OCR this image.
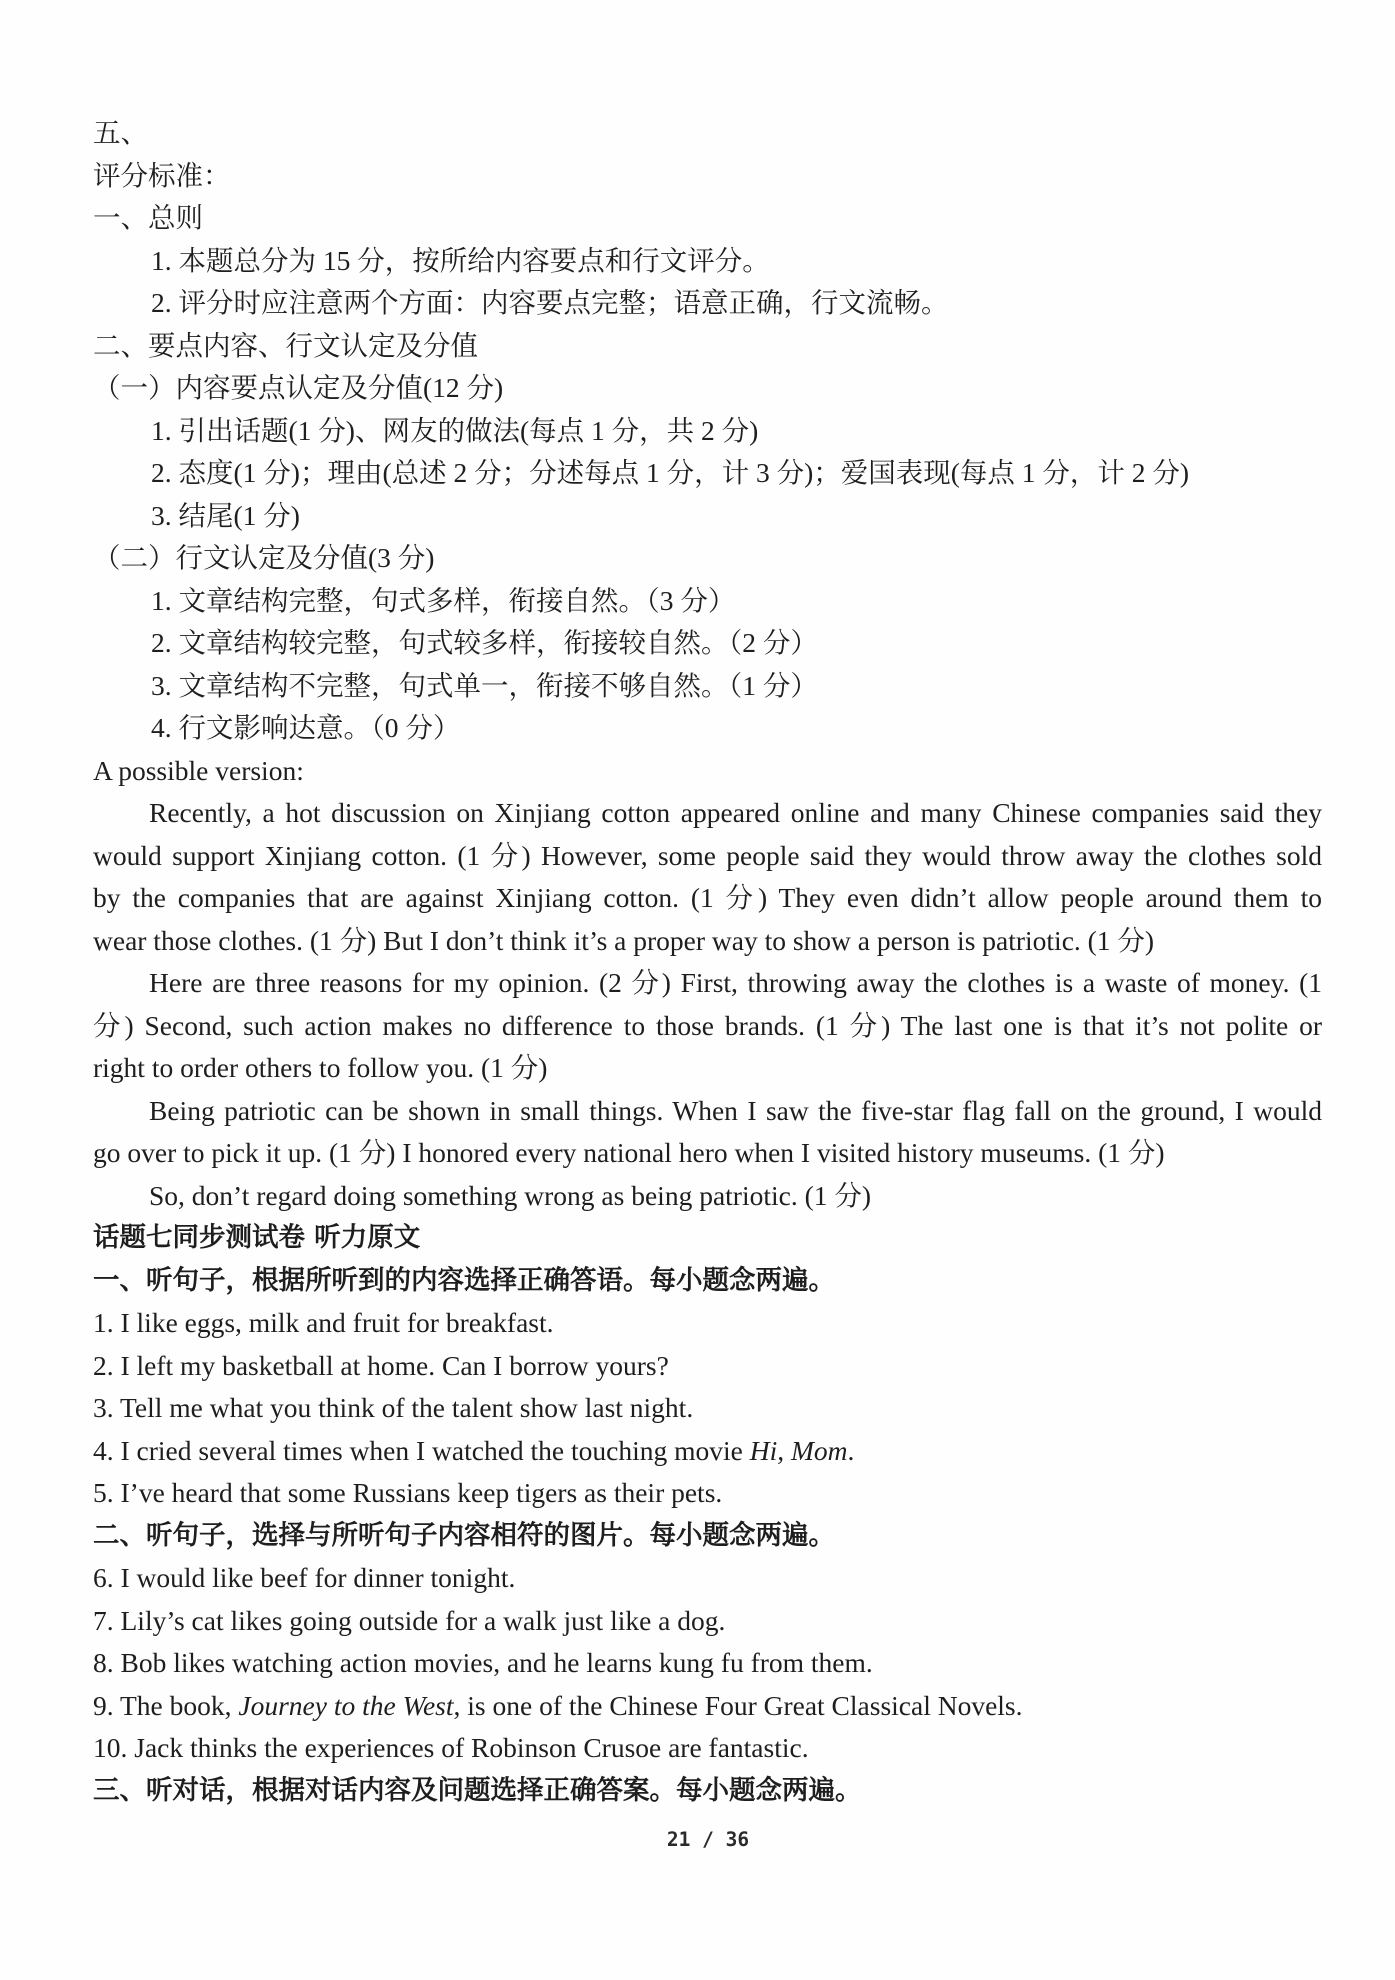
五、
评分标准：
一、总则
1. 本题总分为 15 分，按所给内容要点和行文评分。
2. 评分时应注意两个方面：内容要点完整；语意正确，行文流畅。
二、要点内容、行文认定及分值
（一）内容要点认定及分值(12 分)
1. 引出话题(1 分)、网友的做法(每点 1 分，共 2 分)
2. 态度(1 分)；理由(总述 2 分；分述每点 1 分，计 3 分)；爱国表现(每点 1 分，计 2 分)
3. 结尾(1 分)
（二）行文认定及分值(3 分)
1. 文章结构完整，句式多样，衔接自然。（3 分）
2. 文章结构较完整，句式较多样，衔接较自然。（2 分）
3. 文章结构不完整，句式单一，衔接不够自然。（1 分）
4. 行文影响达意。（0 分）
A possible version:
Recently, a hot discussion on Xinjiang cotton appeared online and many Chinese companies said they
would support Xinjiang cotton. (1 分) However, some people said they would throw away the clothes sold
by the companies that are against Xinjiang cotton. (1 分) They even didn’t allow people around them to
wear those clothes. (1 分) But I don’t think it’s a proper way to show a person is patriotic. (1 分)
Here are three reasons for my opinion. (2 分) First, throwing away the clothes is a waste of money. (1
分) Second, such action makes no difference to those brands. (1 分) The last one is that it’s not polite or
right to order others to follow you. (1 分)
Being patriotic can be shown in small things. When I saw the five-star flag fall on the ground, I would
go over to pick it up. (1 分) I honored every national hero when I visited history museums. (1 分)
So, don’t regard doing something wrong as being patriotic. (1 分)
话题七同步测试卷 听力原文
一、听句子，根据所听到的内容选择正确答语。每小题念两遍。
1. I like eggs, milk and fruit for breakfast.
2. I left my basketball at home. Can I borrow yours?
3. Tell me what you think of the talent show last night.
4. I cried several times when I watched the touching movie Hi, Mom.
5. I’ve heard that some Russians keep tigers as their pets.
二、听句子，选择与所听句子内容相符的图片。每小题念两遍。
6. I would like beef for dinner tonight.
7. Lily’s cat likes going outside for a walk just like a dog.
8. Bob likes watching action movies, and he learns kung fu from them.
9. The book, Journey to the West, is one of the Chinese Four Great Classical Novels.
10. Jack thinks the experiences of Robinson Crusoe are fantastic.
三、听对话，根据对话内容及问题选择正确答案。每小题念两遍。
21 / 36
